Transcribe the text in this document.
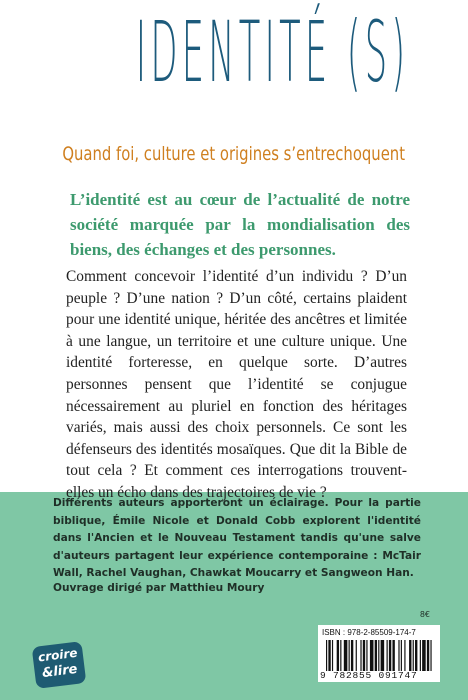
IDENTITÉ (S)
Quand foi, culture et origines s’entrechoquent

L’identité est au cœur de l’actualité de notre société marquée par la mondialisation des biens, des échanges et des personnes.

Comment concevoir l’identité d’un individu ? D’un peuple ? D’une nation ? D’un côté, certains plaident pour une identité unique, héritée des ancêtres et limitée à une langue, un territoire et une culture unique. Une identité forteresse, en quelque sorte. D’autres personnes pensent que l’identité se conjugue nécessairement au pluriel en fonction des héritages variés, mais aussi des choix personnels. Ce sont les défenseurs des identités mosaïques. Que dit la Bible de tout cela ? Et comment ces interrogations trouvent-elles un écho dans des trajectoires de vie ?

Différents auteurs apporteront un éclairage. Pour la partie biblique, Émile Nicole et Donald Cobb explorent l'identité dans l'Ancien et le Nouveau Testament tandis qu'une salve d'auteurs partagent leur expérience contemporaine : McTair Wall, Rachel Vaughan, Chawkat Moucarry et Sangweon Han.

Ouvrage dirigé par Matthieu Moury

8€
ISBN : 978-2-85509-174-7
9 782855 091747
croire
&lire
